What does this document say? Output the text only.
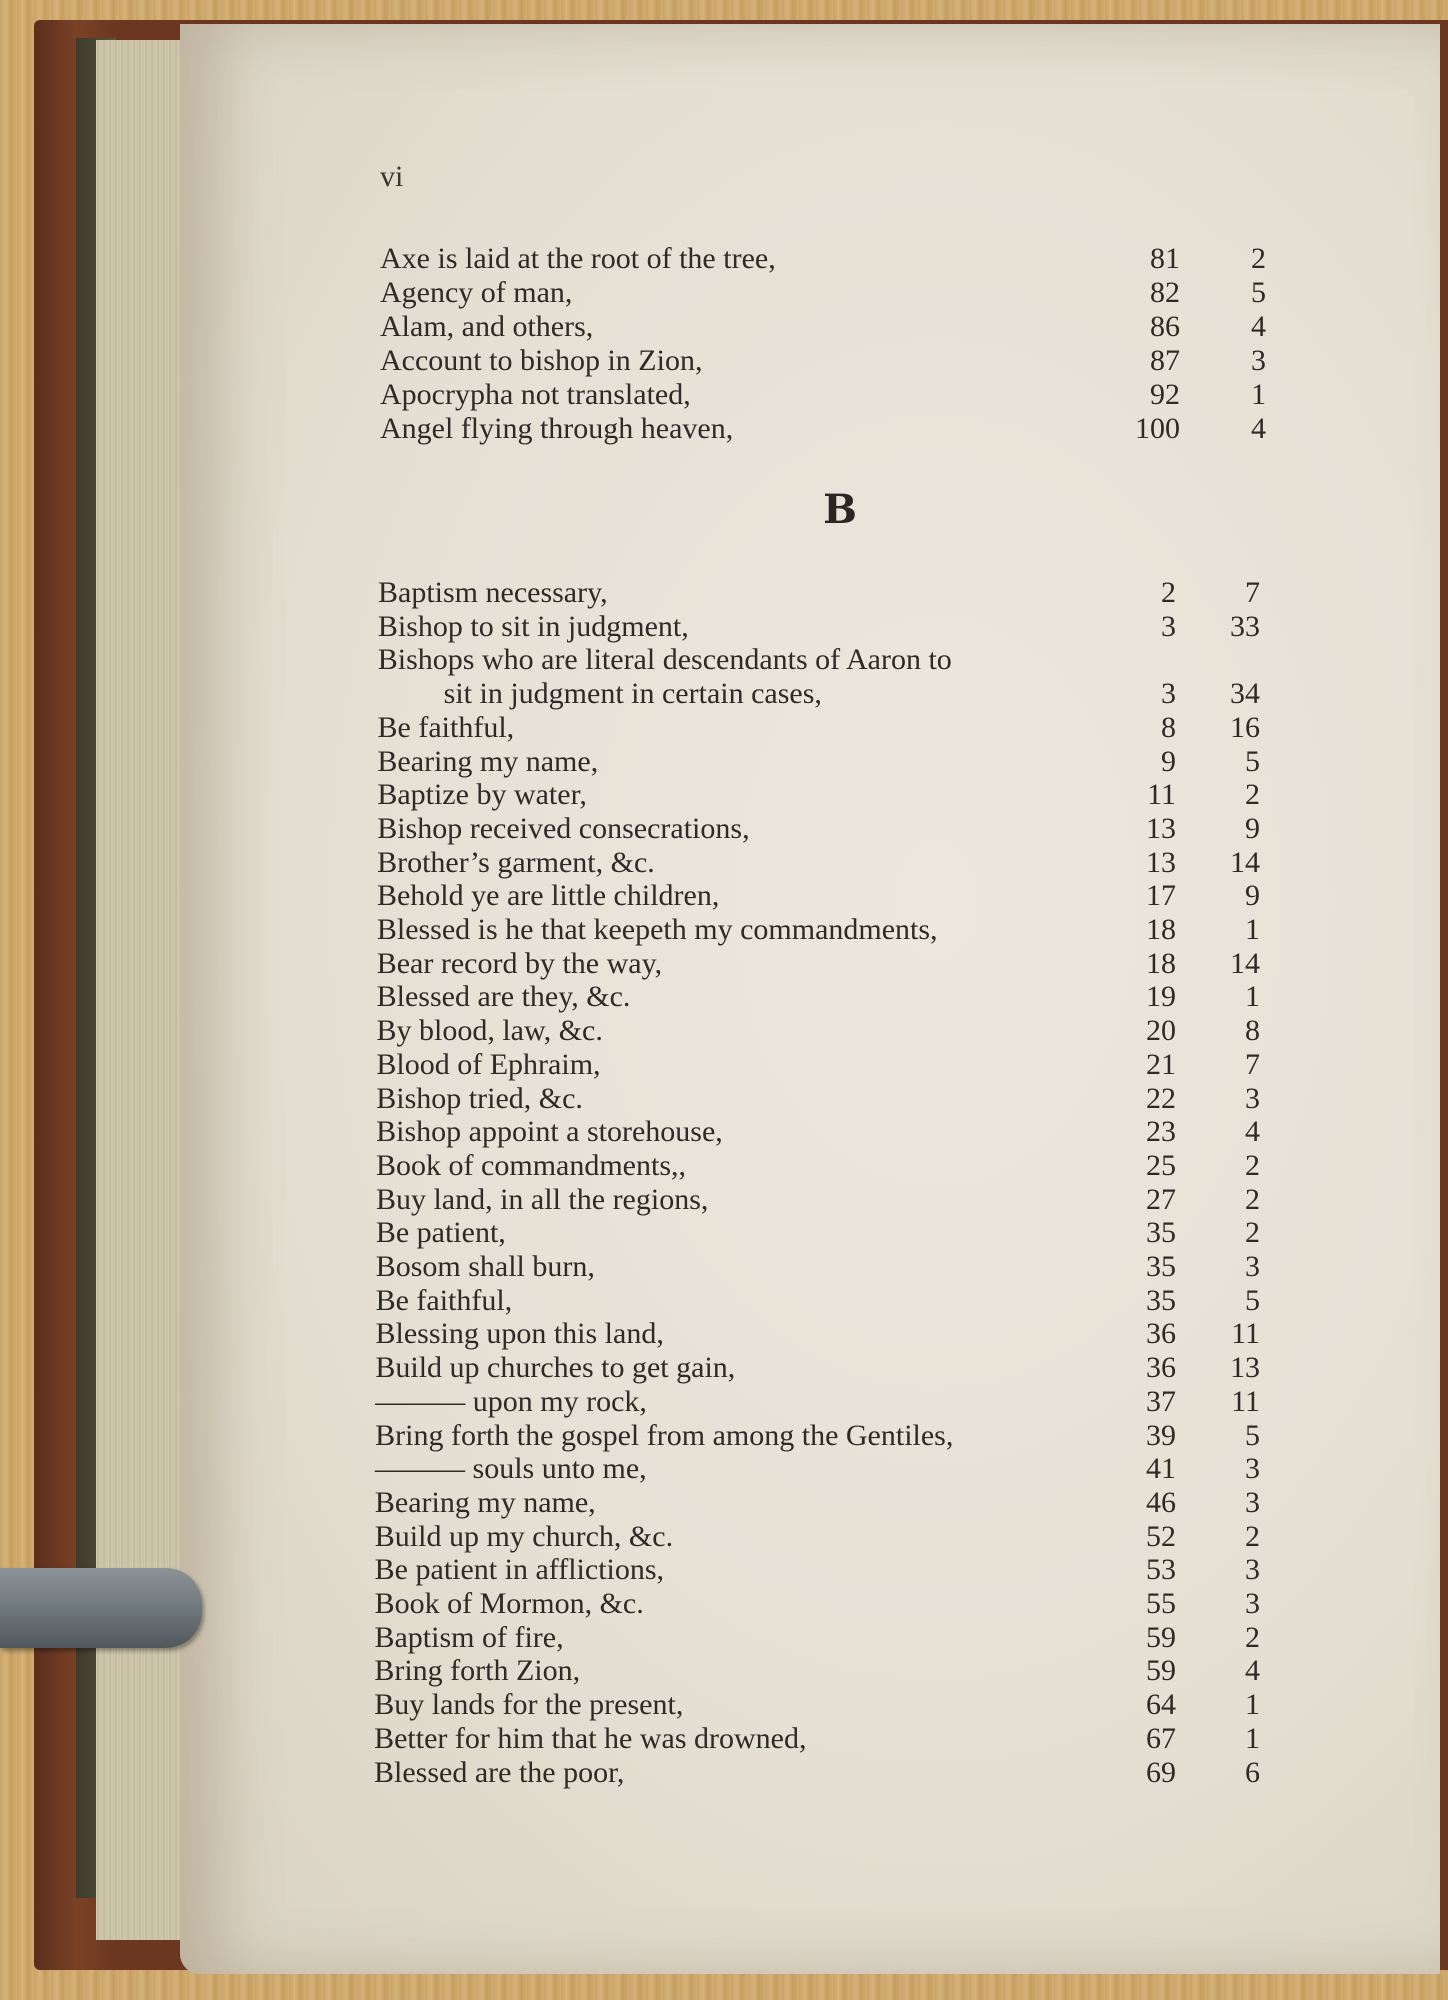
vi
B
Axe is laid at the root of the tree,	81	2
Agency of man,	82	5
Alam, and others,	86	4
Account to bishop in Zion,	87	3
Apocrypha not translated,	92	1
Angel flying through heaven,	100	4
Baptism necessary,	2	7
Bishop to sit in judgment,	3	33
Bishops who are literal descendants of Aaron to
sit in judgment in certain cases,	3	34
Be faithful,	8	16
Bearing my name,	9	5
Baptize by water,	11	2
Bishop received consecrations,	13	9
Brother’s garment, &c.	13	14
Behold ye are little children,	17	9
Blessed is he that keepeth my commandments,	18	1
Bear record by the way,	18	14
Blessed are they, &c.	19	1
By blood, law, &c.	20	8
Blood of Ephraim,	21	7
Bishop tried, &c.	22	3
Bishop appoint a storehouse,	23	4
Book of commandments,,	25	2
Buy land, in all the regions,	27	2
Be patient,	35	2
Bosom shall burn,	35	3
Be faithful,	35	5
Blessing upon this land,	36	11
Build up churches to get gain,	36	13
——— upon my rock,	37	11
Bring forth the gospel from among the Gentiles,	39	5
——— souls unto me,	41	3
Bearing my name,	46	3
Build up my church, &c.	52	2
Be patient in afflictions,	53	3
Book of Mormon, &c.	55	3
Baptism of fire,	59	2
Bring forth Zion,	59	4
Buy lands for the present,	64	1
Better for him that he was drowned,	67	1
Blessed are the poor,	69	6
